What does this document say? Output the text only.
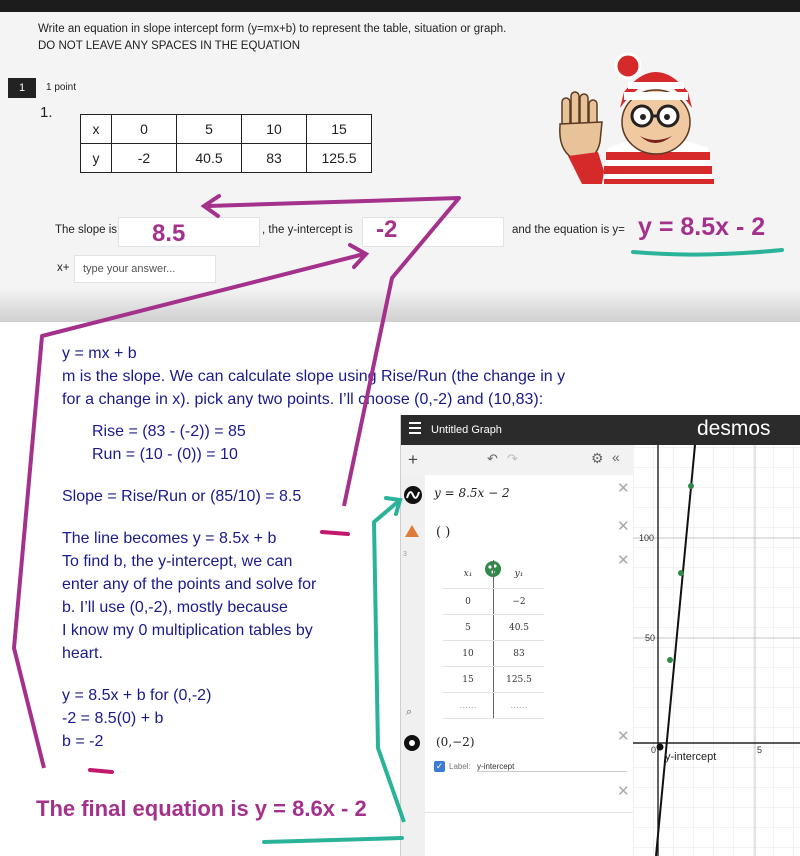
Write an equation in slope intercept form (y=mx+b) to represent the table, situation or graph.
DO NOT LEAVE ANY SPACES IN THE EQUATION
1	1 point
1.
x	0	5	10	15
y	-2	40.5	83	125.5
The slope is 8.5	, the y-intercept is -2	and the equation is y= y = 8.5x - 2
x+ type your answer...
y = mx + b
m is the slope. We can calculate slope using Rise/Run (the change in y
for a change in x). pick any two points. I’ll choose (0,-2) and (10,83):
Rise = (83 - (-2)) = 85
Run = (10 - (0)) = 10
Slope = Rise/Run or (85/10) = 8.5
The line becomes y = 8.5x + b
To find b, the y-intercept, we can
enter any of the points and solve for
b. I’ll use (0,-2), mostly because
I know my 0 multiplication tables by
heart.
y = 8.5x + b for (0,-2)
-2 = 8.5(0) + b
b = -2
The final equation is y = 8.6x - 2
Untitled Graph	desmos
+	↶ ↷	⚙ «
y = 8.5x − 2	✕
( )	✕
3	✕
x₁	y₁
0	−2
5	40.5
10	83
15	125.5
......	......
⌕
(0,−2)	✕
✓ Label: y-intercept
✕
100
50
0	5
y-intercept
